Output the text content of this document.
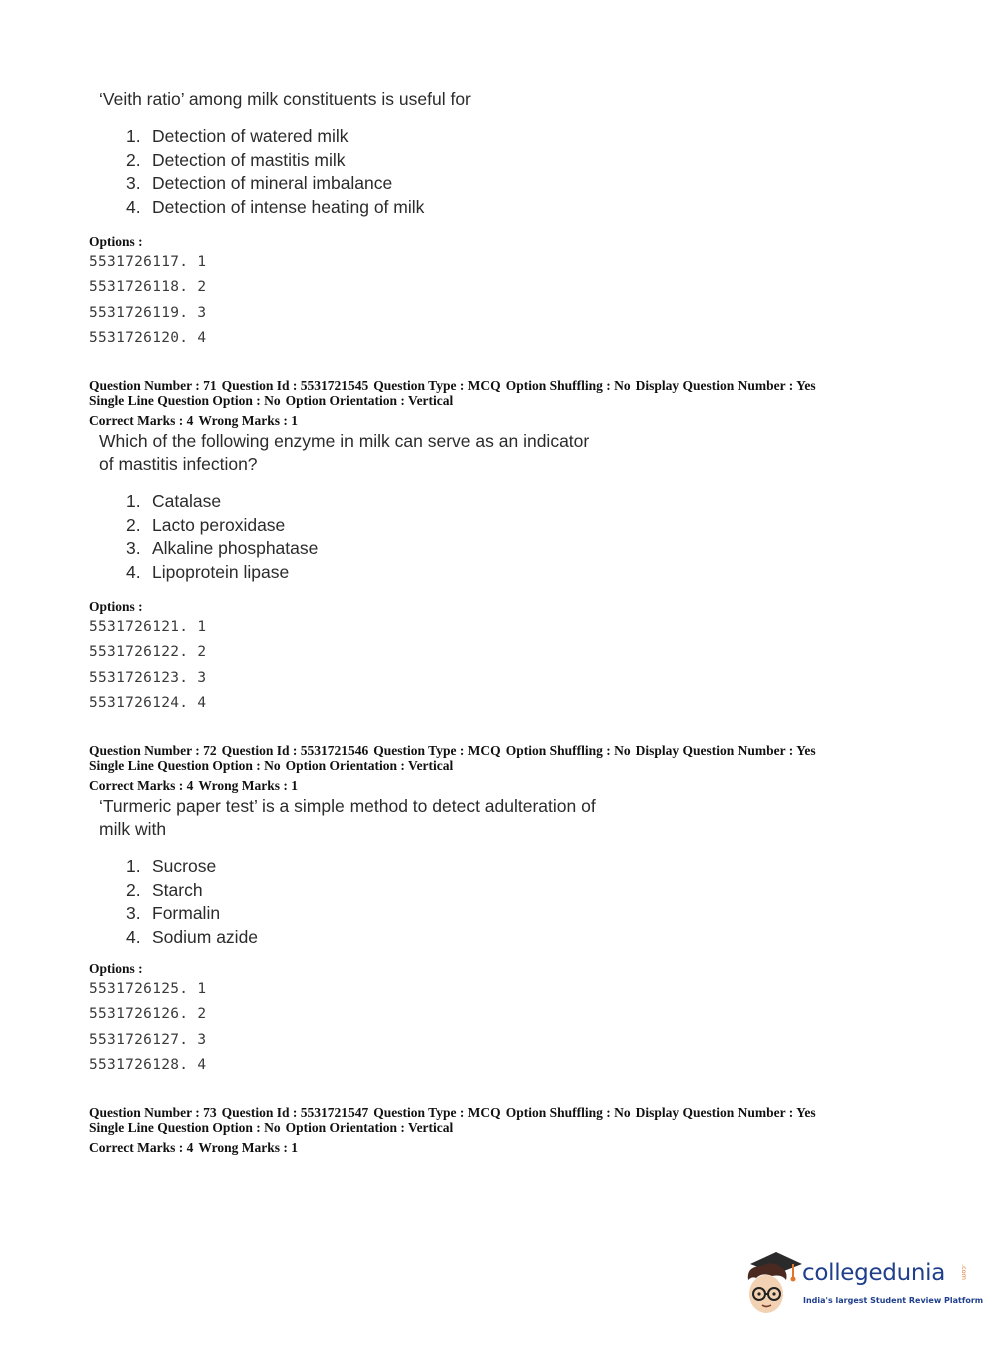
‘Veith ratio’ among milk constituents is useful for

1. Detection of watered milk
2. Detection of mastitis milk
3. Detection of mineral imbalance
4. Detection of intense heating of milk
Options :
5531726117. 1
5531726118. 2
5531726119. 3
5531726120. 4

Question Number : 71 Question Id : 5531721545 Question Type : MCQ Option Shuffling : No Display Question Number : Yes
Single Line Question Option : No Option Orientation : Vertical

Correct Marks : 4 Wrong Marks : 1

Which of the following enzyme in milk can serve as an indicator
of mastitis infection?

1. Catalase
2. Lacto peroxidase
3. Alkaline phosphatase
4. Lipoprotein lipase
Options :
5531726121. 1
5531726122. 2
5531726123. 3
5531726124. 4

Question Number : 72 Question Id : 5531721546 Question Type : MCQ Option Shuffling : No Display Question Number : Yes
Single Line Question Option : No Option Orientation : Vertical

Correct Marks : 4 Wrong Marks : 1

‘Turmeric paper test’ is a simple method to detect adulteration of
milk with

1. Sucrose
2. Starch
3. Formalin
4. Sodium azide
Options :
5531726125. 1
5531726126. 2
5531726127. 3
5531726128. 4

Question Number : 73 Question Id : 5531721547 Question Type : MCQ Option Shuffling : No Display Question Number : Yes
Single Line Question Option : No Option Orientation : Vertical

Correct Marks : 4 Wrong Marks : 1

collegedunia .com
India's largest Student Review Platform
